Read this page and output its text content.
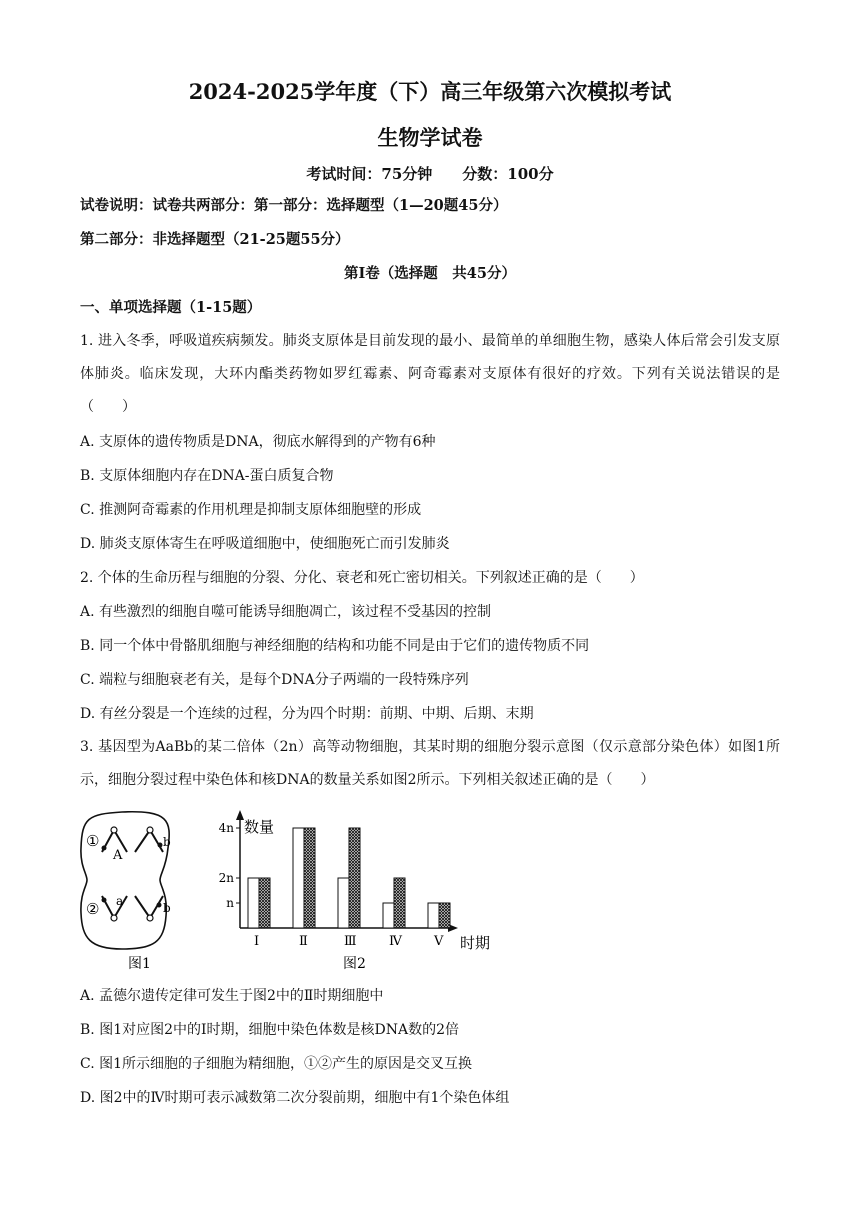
2024-2025学年度（下）高三年级第六次模拟考试
生物学试卷
考试时间：75分钟　　分数：100分
试卷说明：试卷共两部分：第一部分：选择题型（1—20题45分）
第二部分：非选择题型（21-25题55分）
第Ⅰ卷（选择题　共45分）
一、单项选择题（1-15题）
1. 进入冬季，呼吸道疾病频发。肺炎支原体是目前发现的最小、最简单的单细胞生物，感染人体后常会引发支原体肺炎。临床发现，大环内酯类药物如罗红霉素、阿奇霉素对支原体有很好的疗效。下列有关说法错误的是（　　）
A. 支原体的遗传物质是DNA，彻底水解得到的产物有6种
B. 支原体细胞内存在DNA-蛋白质复合物
C. 推测阿奇霉素的作用机理是抑制支原体细胞壁的形成
D. 肺炎支原体寄生在呼吸道细胞中，使细胞死亡而引发肺炎
2. 个体的生命历程与细胞的分裂、分化、衰老和死亡密切相关。下列叙述正确的是（　　）
A. 有些激烈的细胞自噬可能诱导细胞凋亡，该过程不受基因的控制
B. 同一个体中骨骼肌细胞与神经细胞的结构和功能不同是由于它们的遗传物质不同
C. 端粒与细胞衰老有关，是每个DNA分子两端的一段特殊序列
D. 有丝分裂是一个连续的过程，分为四个时期：前期、中期、后期、末期
3. 基因型为AaBb的某二倍体（2n）高等动物细胞，其某时期的细胞分裂示意图（仅示意部分染色体）如图1所示，细胞分裂过程中染色体和核DNA的数量关系如图2所示。下列相关叙述正确的是（　　）
①
②
A
b
a	b
图1
数量
时期
n
2n
4n
Ⅰ	Ⅱ	Ⅲ Ⅳ Ⅴ
图2
A. 孟德尔遗传定律可发生于图2中的Ⅱ时期细胞中
B. 图1对应图2中的Ⅰ时期，细胞中染色体数是核DNA数的2倍
C. 图1所示细胞的子细胞为精细胞，①②产生的原因是交叉互换
D. 图2中的Ⅳ时期可表示减数第二次分裂前期，细胞中有1个染色体组
